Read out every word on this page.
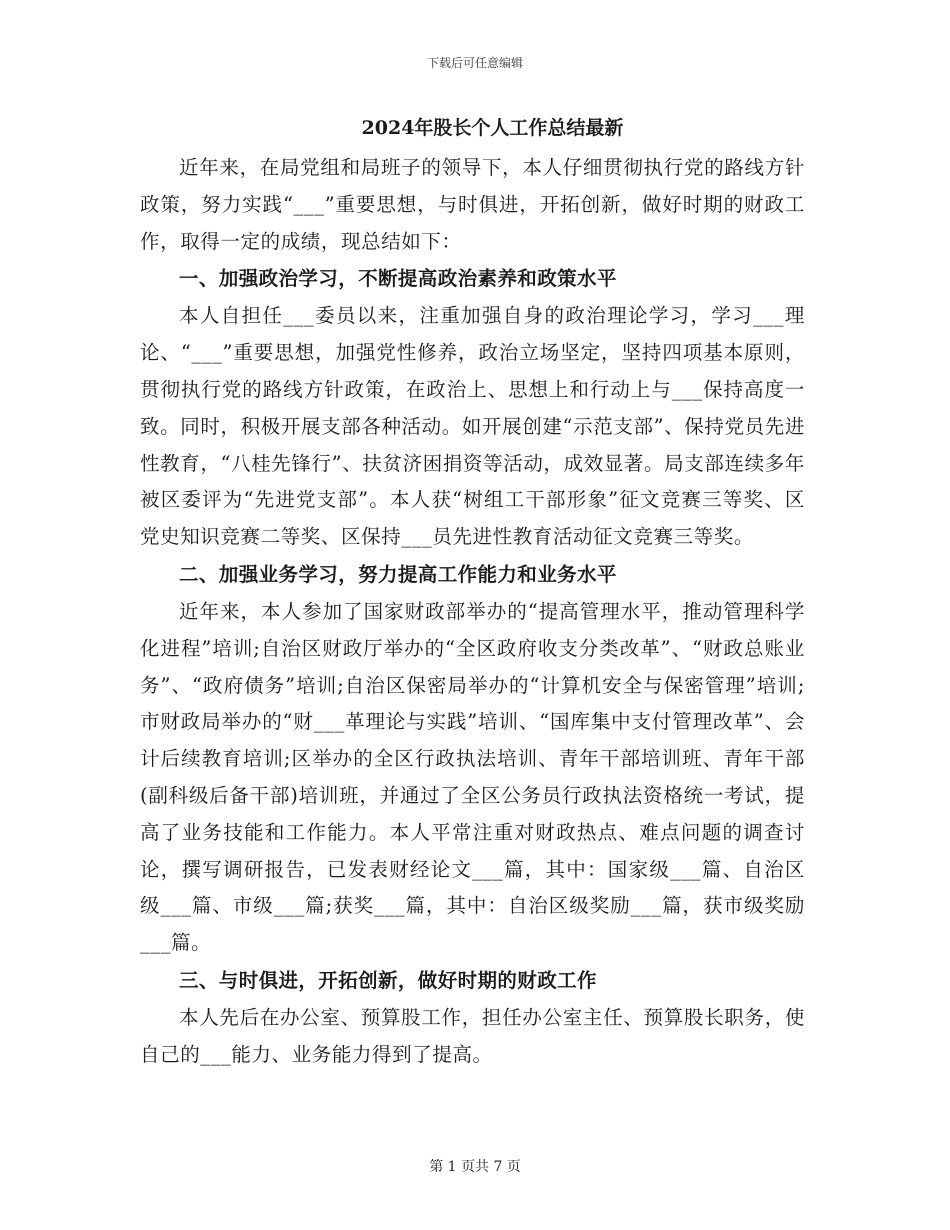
下载后可任意编辑
2024年股长个人工作总结最新

近年来，在局党组和局班子的领导下，本人仔细贯彻执行党的路线方针政策，努力实践“___”重要思想，与时俱进，开拓创新，做好时期的财政工作，取得一定的成绩，现总结如下：

一、加强政治学习，不断提高政治素养和政策水平

本人自担任___委员以来，注重加强自身的政治理论学习，学习___理论、“___”重要思想，加强党性修养，政治立场坚定，坚持四项基本原则，贯彻执行党的路线方针政策，在政治上、思想上和行动上与___保持高度一致。同时，积极开展支部各种活动。如开展创建“示范支部”、保持党员先进性教育，“八桂先锋行”、扶贫济困捐资等活动，成效显著。局支部连续多年被区委评为“先进党支部”。本人获“树组工干部形象”征文竞赛三等奖、区党史知识竞赛二等奖、区保持___员先进性教育活动征文竞赛三等奖。

二、加强业务学习，努力提高工作能力和业务水平

近年来，本人参加了国家财政部举办的“提高管理水平，推动管理科学化进程”培训;自治区财政厅举办的“全区政府收支分类改革”、“财政总账业务”、“政府债务”培训;自治区保密局举办的“计算机安全与保密管理”培训;市财政局举办的“财___革理论与实践”培训、“国库集中支付管理改革”、会计后续教育培训;区举办的全区行政执法培训、青年干部培训班、青年干部(副科级后备干部)培训班，并通过了全区公务员行政执法资格统一考试，提高了业务技能和工作能力。本人平常注重对财政热点、难点问题的调查讨论，撰写调研报告，已发表财经论文___篇，其中：国家级___篇、自治区级___篇、市级___篇;获奖___篇，其中：自治区级奖励___篇，获市级奖励___篇。

三、与时俱进，开拓创新，做好时期的财政工作

本人先后在办公室、预算股工作，担任办公室主任、预算股长职务，使自己的___能力、业务能力得到了提高。

第 1 页共 7 页
